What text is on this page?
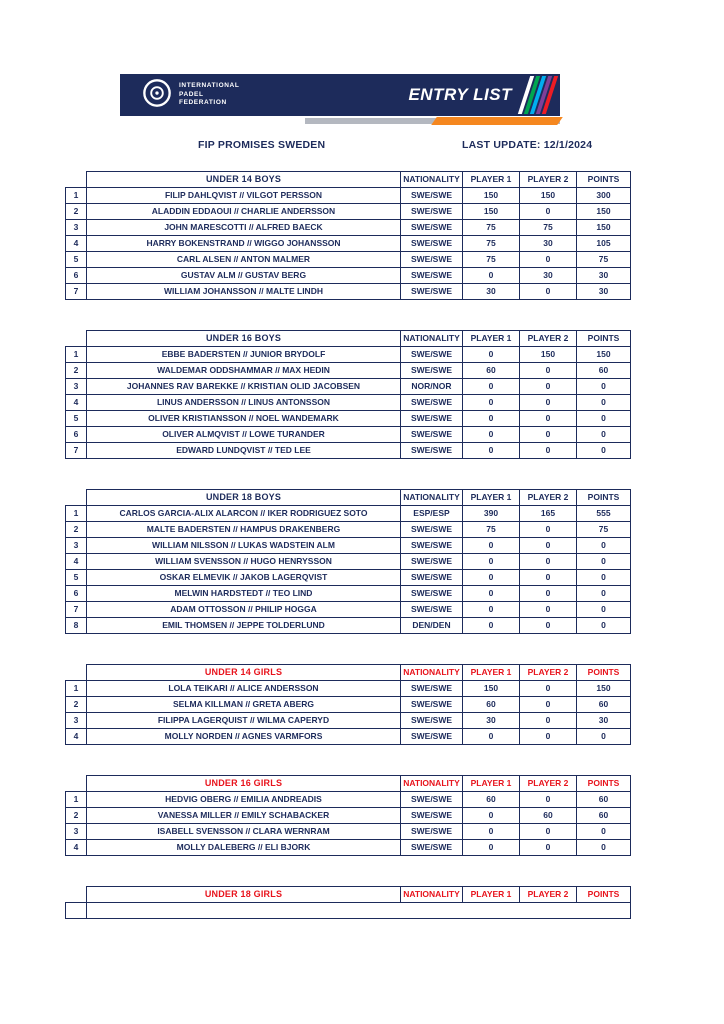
INTERNATIONAL
PADEL
FEDERATION	ENTRY LIST
FIP PROMISES SWEDEN	LAST UPDATE: 12/1/2024
	UNDER 14 BOYS	NATIONALITY	PLAYER 1	PLAYER 2	POINTS
1	FILIP DAHLQVIST // VILGOT PERSSON	SWE/SWE	150	150	300
2	ALADDIN EDDAOUI // CHARLIE ANDERSSON	SWE/SWE	150	0	150
3	JOHN MARESCOTTI // ALFRED BAECK	SWE/SWE	75	75	150
4	HARRY BOKENSTRAND // WIGGO JOHANSSON	SWE/SWE	75	30	105
5	CARL ALSEN // ANTON MALMER	SWE/SWE	75	0	75
6	GUSTAV ALM // GUSTAV BERG	SWE/SWE	0	30	30
7	WILLIAM JOHANSSON // MALTE LINDH	SWE/SWE	30	0	30
	UNDER 16 BOYS	NATIONALITY	PLAYER 1	PLAYER 2	POINTS
1	EBBE BADERSTEN // JUNIOR BRYDOLF	SWE/SWE	0	150	150
2	WALDEMAR ODDSHAMMAR // MAX HEDIN	SWE/SWE	60	0	60
3	JOHANNES RAV BAREKKE // KRISTIAN OLID JACOBSEN	NOR/NOR	0	0	0
4	LINUS ANDERSSON // LINUS ANTONSSON	SWE/SWE	0	0	0
5	OLIVER KRISTIANSSON // NOEL WANDEMARK	SWE/SWE	0	0	0
6	OLIVER ALMQVIST // LOWE TURANDER	SWE/SWE	0	0	0
7	EDWARD LUNDQVIST // TED LEE	SWE/SWE	0	0	0
	UNDER 18 BOYS	NATIONALITY	PLAYER 1	PLAYER 2	POINTS
1	CARLOS GARCIA-ALIX ALARCON // IKER RODRIGUEZ SOTO	ESP/ESP	390	165	555
2	MALTE BADERSTEN // HAMPUS DRAKENBERG	SWE/SWE	75	0	75
3	WILLIAM NILSSON // LUKAS WADSTEIN ALM	SWE/SWE	0	0	0
4	WILLIAM SVENSSON // HUGO HENRYSSON	SWE/SWE	0	0	0
5	OSKAR ELMEVIK // JAKOB LAGERQVIST	SWE/SWE	0	0	0
6	MELWIN HARDSTEDT // TEO LIND	SWE/SWE	0	0	0
7	ADAM OTTOSSON // PHILIP HOGGA	SWE/SWE	0	0	0
8	EMIL THOMSEN // JEPPE TOLDERLUND	DEN/DEN	0	0	0
	UNDER 14 GIRLS	NATIONALITY	PLAYER 1	PLAYER 2	POINTS
1	LOLA TEIKARI // ALICE ANDERSSON	SWE/SWE	150	0	150
2	SELMA KILLMAN // GRETA ABERG	SWE/SWE	60	0	60
3	FILIPPA LAGERQUIST // WILMA CAPERYD	SWE/SWE	30	0	30
4	MOLLY NORDEN // AGNES VARMFORS	SWE/SWE	0	0	0
	UNDER 16 GIRLS	NATIONALITY	PLAYER 1	PLAYER 2	POINTS
1	HEDVIG OBERG // EMILIA ANDREADIS	SWE/SWE	60	0	60
2	VANESSA MILLER // EMILY SCHABACKER	SWE/SWE	0	60	60
3	ISABELL SVENSSON // CLARA WERNRAM	SWE/SWE	0	0	0
4	MOLLY DALEBERG // ELI BJORK	SWE/SWE	0	0	0
	UNDER 18 GIRLS	NATIONALITY	PLAYER 1	PLAYER 2	POINTS
